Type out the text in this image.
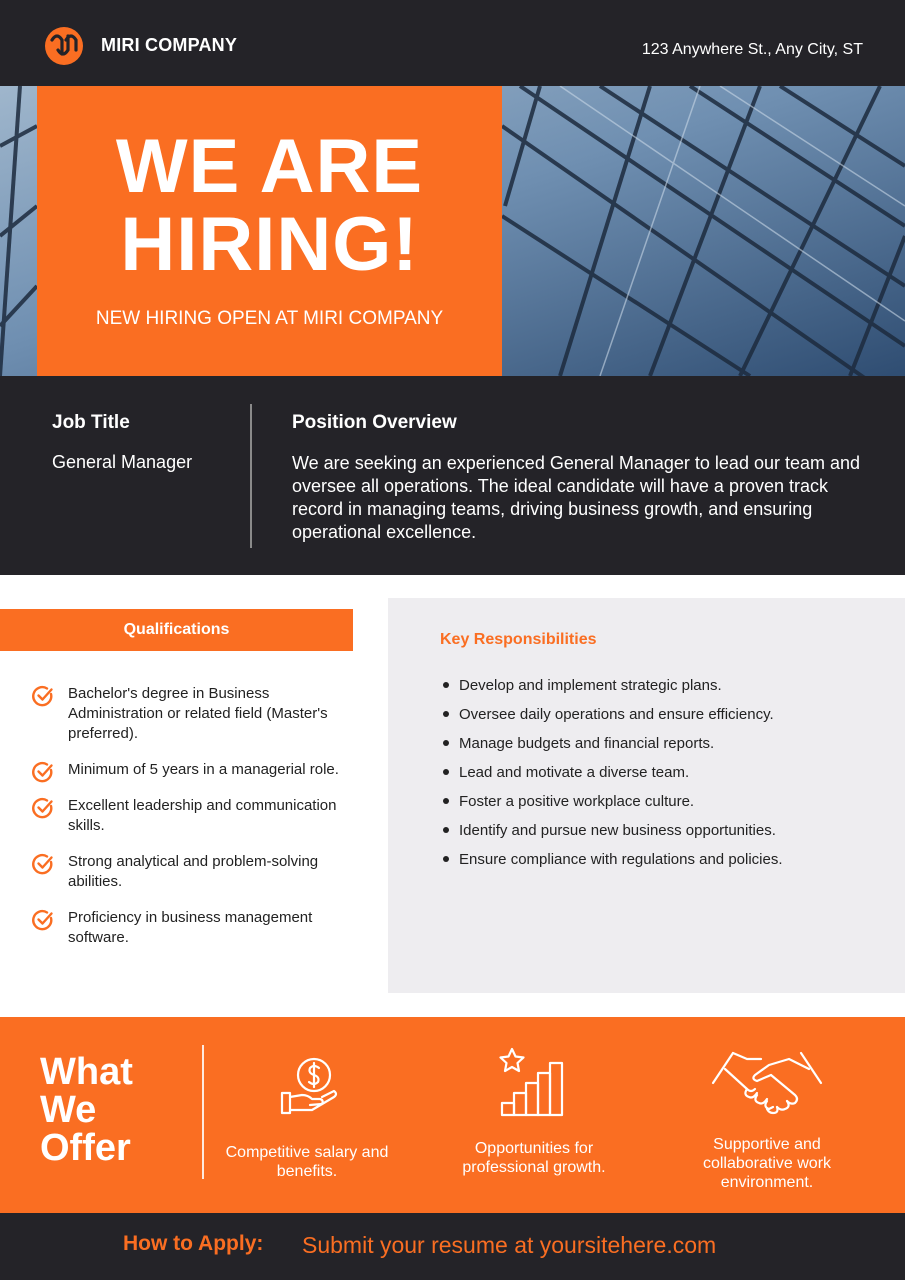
MIRI COMPANY	123 Anywhere St., Any City, ST
WE ARE
HIRING!
NEW HIRING OPEN AT MIRI COMPANY
Job Title
General Manager
Position Overview
We are seeking an experienced General Manager to lead our team and oversee all operations. The ideal candidate will have a proven track record in managing teams, driving business growth, and ensuring operational excellence.
Qualifications
Bachelor's degree in Business Administration or related field (Master's preferred).
Minimum of 5 years in a managerial role.
Excellent leadership and communication skills.
Strong analytical and problem-solving abilities.
Proficiency in business management software.
Key Responsibilities
Develop and implement strategic plans.
Oversee daily operations and ensure efficiency.
Manage budgets and financial reports.
Lead and motivate a diverse team.
Foster a positive workplace culture.
Identify and pursue new business opportunities.
Ensure compliance with regulations and policies.
What
We
Offer	Competitive salary and benefits.
Opportunities for professional growth.
Supportive and collaborative work environment.
How to Apply: Submit your resume at yoursitehere.com
